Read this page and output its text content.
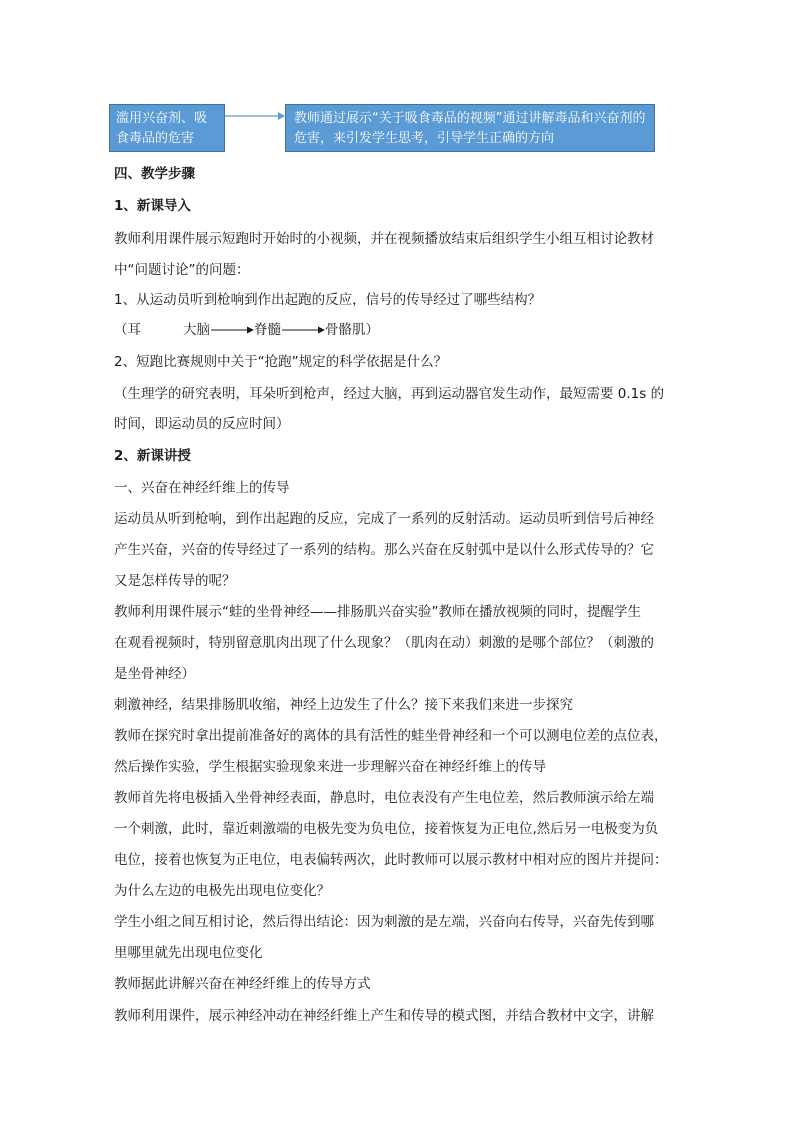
滥用兴奋剂、吸食毒品的危害
教师通过展示“关于吸食毒品的视频”通过讲解毒品和兴奋剂的危害，来引发学生思考，引导学生正确的方向
四、教学步骤
1、新课导入
教师利用课件展示短跑时开始时的小视频，并在视频播放结束后组织学生小组互相讨论教材
中“问题讨论”的问题：
1、从运动员听到枪响到作出起跑的反应，信号的传导经过了哪些结构？
（耳	大脑	脊髓	骨骼肌）
2、短跑比赛规则中关于“抢跑”规定的科学依据是什么？
（生理学的研究表明，耳朵听到枪声，经过大脑，再到运动器官发生动作，最短需要 0.1s 的
时间，即运动员的反应时间）
2、新课讲授
一、兴奋在神经纤维上的传导
运动员从听到枪响，到作出起跑的反应，完成了一系列的反射活动。运动员听到信号后神经
产生兴奋，兴奋的传导经过了一系列的结构。那么兴奋在反射弧中是以什么形式传导的？它
又是怎样传导的呢？
教师利用课件展示“蛙的坐骨神经——排肠肌兴奋实验”教师在播放视频的同时，提醒学生
在观看视频时，特别留意肌肉出现了什么现象？（肌肉在动）刺激的是哪个部位？（刺激的
是坐骨神经）
刺激神经，结果排肠肌收缩，神经上边发生了什么？接下来我们来进一步探究
教师在探究时拿出提前准备好的离体的具有活性的蛙坐骨神经和一个可以测电位差的点位表，
然后操作实验，学生根据实验现象来进一步理解兴奋在神经纤维上的传导
教师首先将电极插入坐骨神经表面，静息时，电位表没有产生电位差，然后教师演示给左端
一个刺激，此时，靠近刺激端的电极先变为负电位，接着恢复为正电位,然后另一电极变为负
电位，接着也恢复为正电位，电表偏转两次，此时教师可以展示教材中相对应的图片并提问：
为什么左边的电极先出现电位变化？
学生小组之间互相讨论，然后得出结论：因为刺激的是左端，兴奋向右传导，兴奋先传到哪
里哪里就先出现电位变化
教师据此讲解兴奋在神经纤维上的传导方式
教师利用课件，展示神经冲动在神经纤维上产生和传导的模式图，并结合教材中文字，讲解
